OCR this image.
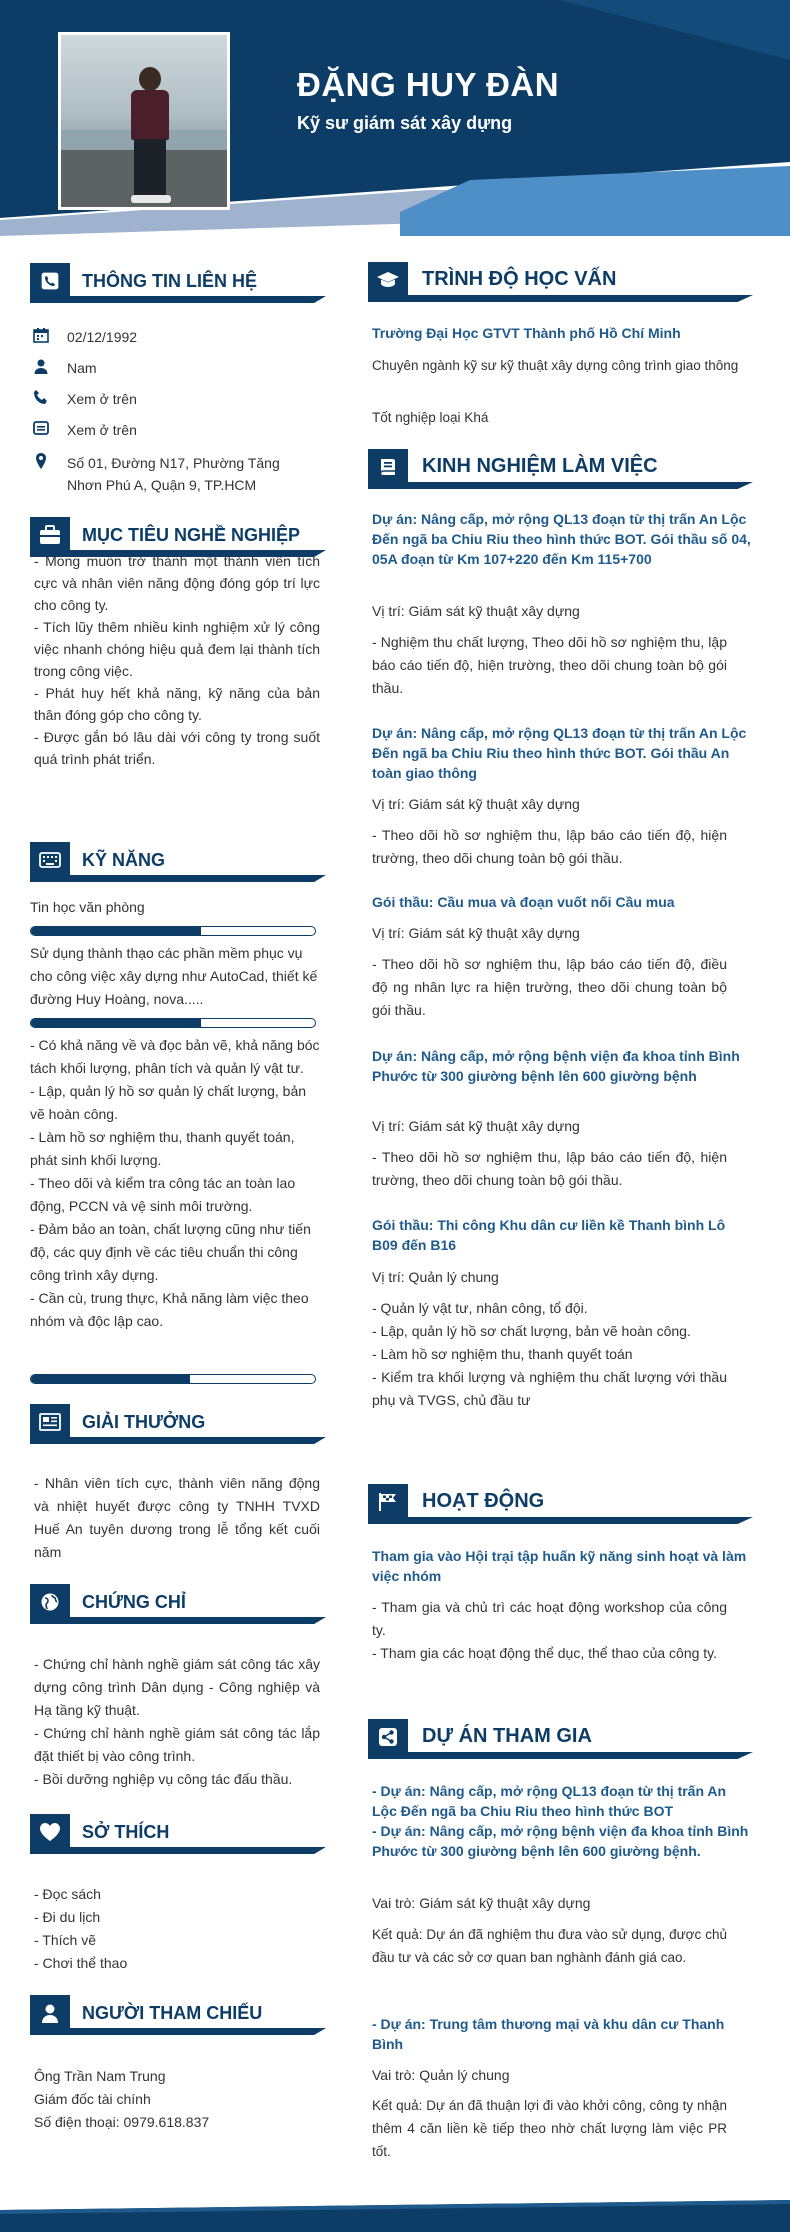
ĐẶNG HUY ĐÀN
Kỹ sư giám sát xây dựng
THÔNG TIN LIÊN HỆ
02/12/1992
Nam
Xem ở trên
Xem ở trên
Số 01, Đường N17, Phường Tăng
Nhơn Phú A, Quận 9, TP.HCM
MỤC TIÊU NGHỀ NGHIỆP
- Mong muốn trở thành một thành viên tích cực và nhân viên năng động đóng góp trí lực cho công ty.
- Tích lũy thêm nhiều kinh nghiệm xử lý công việc nhanh chóng hiệu quả đem lại thành tích trong công việc.
- Phát huy hết khả năng, kỹ năng của bản thân đóng góp cho công ty.
- Được gắn bó lâu dài với công ty trong suốt quá trình phát triển.
KỸ NĂNG
Tin học văn phòng
Sử dụng thành thạo các phần mềm phục vụ cho công việc xây dựng như AutoCad, thiết kế đường Huy Hoàng, nova.....
- Có khả năng về và đọc bản vẽ, khả năng bóc tách khối lượng, phân tích và quản lý vật tư.
- Lập, quản lý hồ sơ quản lý chất lượng, bản vẽ hoàn công.
- Làm hồ sơ nghiệm thu, thanh quyết toán, phát sinh khối lượng.
- Theo dõi và kiểm tra công tác an toàn lao động, PCCN và vệ sinh môi trường.
- Đảm bảo an toàn, chất lượng cũng như tiến độ, các quy định về các tiêu chuẩn thi công công trình xây dựng.
- Cần cù, trung thực, Khả năng làm việc theo nhóm và độc lập cao.
GIẢI THƯỞNG
- Nhân viên tích cực, thành viên năng động và nhiệt huyết được công ty TNHH TVXD Huế An tuyên dương trong lễ tổng kết cuối năm
CHỨNG CHỈ
- Chứng chỉ hành nghề giám sát công tác xây dựng công trình Dân dụng - Công nghiệp và Hạ tầng kỹ thuật.
- Chứng chỉ hành nghề giám sát công tác lắp đặt thiết bị vào công trình.
- Bồi dưỡng nghiệp vụ công tác đấu thầu.
SỞ THÍCH
- Đọc sách
- Đi du lịch
- Thích vẽ
- Chơi thể thao
NGƯỜI THAM CHIẾU
Ông Trần Nam Trung
Giám đốc tài chính
Số điện thoại: 0979.618.837
TRÌNH ĐỘ HỌC VẤN
Trường Đại Học GTVT Thành phố Hồ Chí Minh
Chuyên ngành kỹ sư kỹ thuật xây dựng công trình giao thông
Tốt nghiệp loại Khá
KINH NGHIỆM LÀM VIỆC
Dự án: Nâng cấp, mở rộng QL13 đoạn từ thị trấn An Lộc Đến ngã ba Chiu Riu theo hình thức BOT. Gói thầu số 04, 05A đoạn từ Km 107+220 đến Km 115+700
Vị trí: Giám sát kỹ thuật xây dựng
- Nghiệm thu chất lượng, Theo dõi hồ sơ nghiệm thu, lập báo cáo tiến độ, hiện trường, theo dõi chung toàn bộ gói thầu.
Dự án: Nâng cấp, mở rộng QL13 đoạn từ thị trấn An Lộc Đến ngã ba Chiu Riu theo hình thức BOT. Gói thầu An toàn giao thông
Vị trí: Giám sát kỹ thuật xây dựng
- Theo dõi hồ sơ nghiệm thu, lập báo cáo tiến độ, hiện trường, theo dõi chung toàn bộ gói thầu.
Gói thầu: Cầu mua và đoạn vuốt nối Cầu mua
Vị trí: Giám sát kỹ thuật xây dựng
- Theo dõi hồ sơ nghiệm thu, lập báo cáo tiến độ, điều độ ng nhân lực ra hiện trường, theo dõi chung toàn bộ gói thầu.
Dự án: Nâng cấp, mở rộng bệnh viện đa khoa tỉnh Bình Phước từ 300 giường bệnh lên 600 giường bệnh
Vị trí: Giám sát kỹ thuật xây dựng
- Theo dõi hồ sơ nghiệm thu, lập báo cáo tiến độ, hiện trường, theo dõi chung toàn bộ gói thầu.
Gói thầu: Thi công Khu dân cư liền kề Thanh bình Lô B09 đến B16
Vị trí: Quản lý chung
- Quản lý vật tư, nhân công, tổ đội.
- Lập, quản lý hồ sơ chất lượng, bản vẽ hoàn công.
- Làm hồ sơ nghiệm thu, thanh quyết toán
- Kiểm tra khối lượng và nghiệm thu chất lượng với thầu phụ và TVGS, chủ đầu tư
HOẠT ĐỘNG
Tham gia vào Hội trại tập huấn kỹ năng sinh hoạt và làm việc nhóm
- Tham gia và chủ trì các hoạt động workshop của công ty.
- Tham gia các hoạt động thể dục, thể thao của công ty.
DỰ ÁN THAM GIA
- Dự án: Nâng cấp, mở rộng QL13 đoạn từ thị trấn An Lộc Đến ngã ba Chiu Riu theo hình thức BOT
- Dự án: Nâng cấp, mở rộng bệnh viện đa khoa tỉnh Bình Phước từ 300 giường bệnh lên 600 giường bệnh.
Vai trò: Giám sát kỹ thuật xây dựng
Kết quả: Dự án đã nghiệm thu đưa vào sử dụng, được chủ đầu tư và các sở cơ quan ban nghành đánh giá cao.
- Dự án: Trung tâm thương mại và khu dân cư Thanh Bình
Vai trò: Quản lý chung
Kết quả: Dự án đã thuận lợi đi vào khởi công, công ty nhận thêm 4 căn liền kề tiếp theo nhờ chất lượng làm việc PR tốt.
